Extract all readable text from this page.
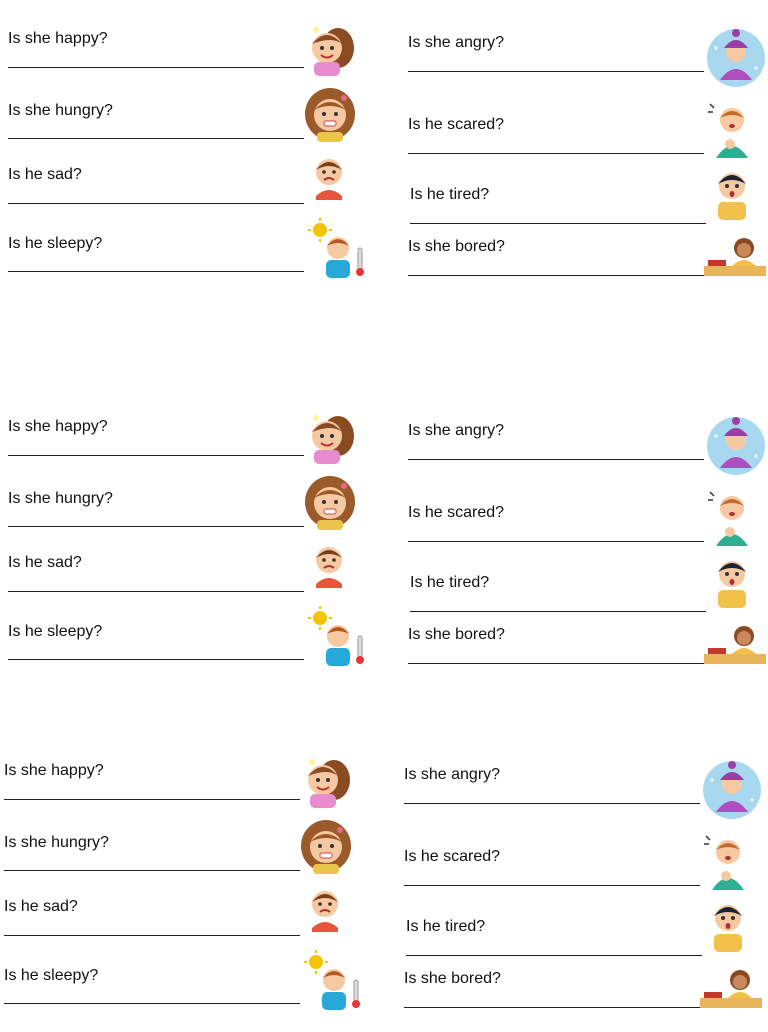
Is she happy?
Is she hungry?
Is he sad?
Is he sleepy?
Is she angry?
Is he scared?
Is he tired?
Is she bored?
Is she happy?
Is she hungry?
Is he sad?
Is he sleepy?
Is she angry?
Is he scared?
Is he tired?
Is she bored?
Is she happy?
Is she hungry?
Is he sad?
Is he sleepy?
Is she angry?
Is he scared?
Is he tired?
Is she bored?
